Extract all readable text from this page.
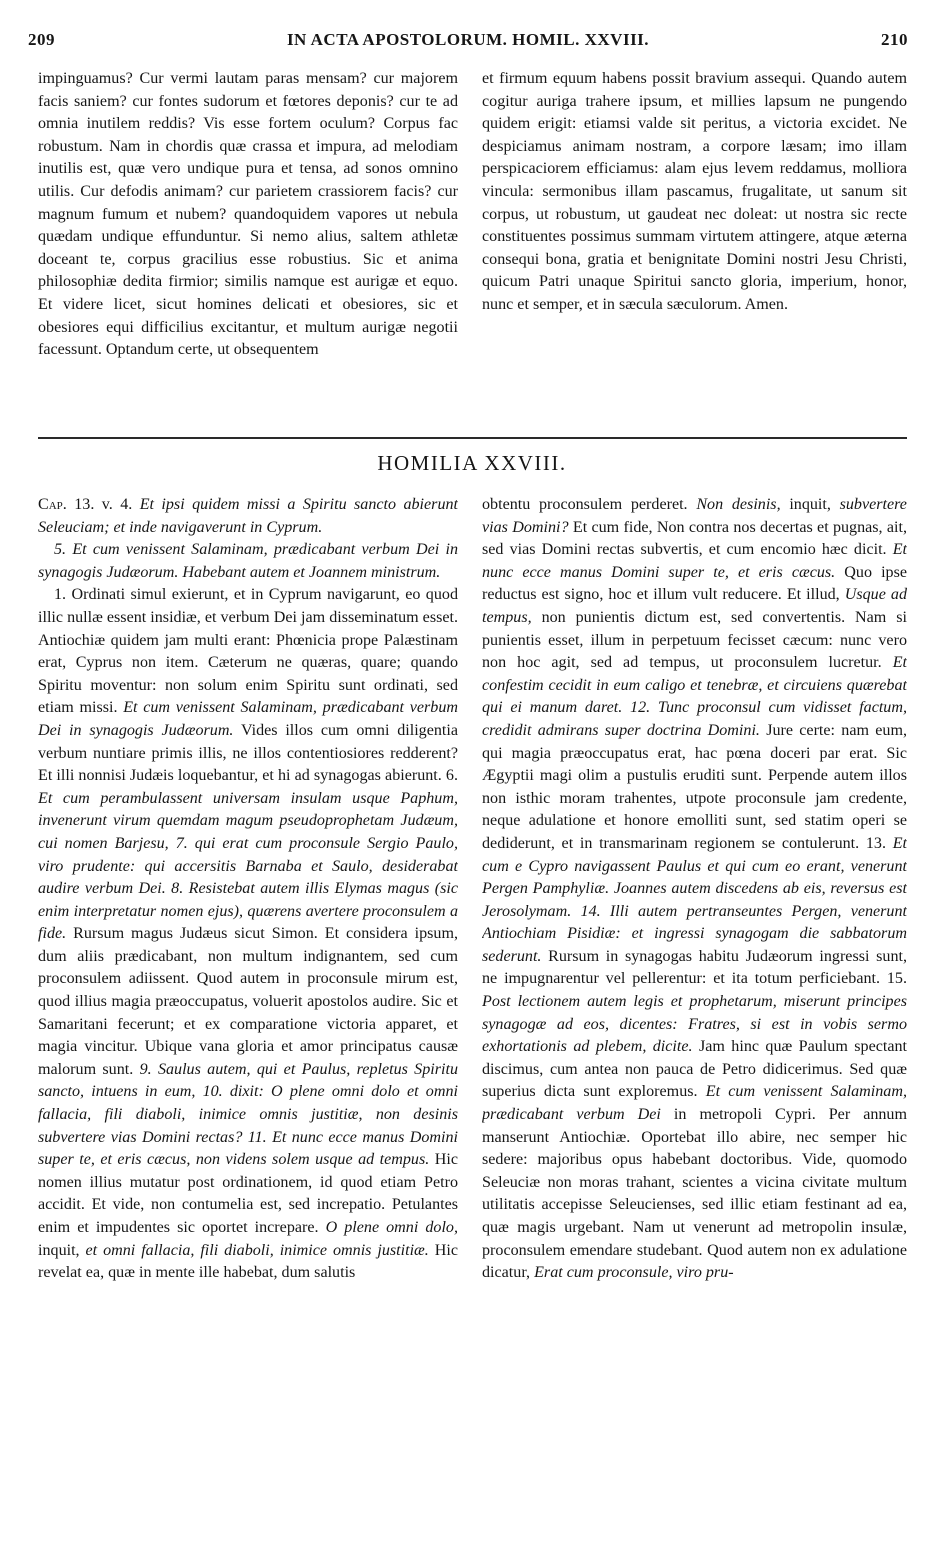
209	IN ACTA APOSTOLORUM. HOMIL. XXVIII.	210

impinguamus? Cur vermi lautam paras mensam? cur majorem facis saniem? cur fontes sudorum et fœtores deponis? cur te ad omnia inutilem reddis? Vis esse fortem oculum? Corpus fac robustum. Nam in chordis quæ crassa et impura, ad melodiam inutilis est, quæ vero undique pura et tensa, ad sonos omnino utilis. Cur defodis animam? cur parietem crassiorem facis? cur magnum fumum et nubem? quandoquidem vapores ut nebula quædam undique effunduntur. Si nemo alius, saltem athletæ doceant te, corpus gracilius esse robustius. Sic et anima philosophiæ dedita firmior; similis namque est aurigæ et equo. Et videre licet, sicut homines delicati et obesiores, sic et obesiores equi difficilius excitantur, et multum aurigæ negotii facessunt. Optandum certe, ut obsequentem

et firmum equum habens possit bravium assequi. Quando autem cogitur auriga trahere ipsum, et millies lapsum ne pungendo quidem erigit: etiamsi valde sit peritus, a victoria excidet. Ne despiciamus animam nostram, a corpore læsam; imo illam perspicaciorem efficiamus: alam ejus levem reddamus, molliora vincula: sermonibus illam pascamus, frugalitate, ut sanum sit corpus, ut robustum, ut gaudeat nec doleat: ut nostra sic recte constituentes possimus summam virtutem attingere, atque æterna consequi bona, gratia et benignitate Domini nostri Jesu Christi, quicum Patri unaque Spiritui sancto gloria, imperium, honor, nunc et semper, et in sæcula sæculorum. Amen.

HOMILIA XXVIII.

Cap. 13. v. 4. Et ipsi quidem missi a Spiritu sancto abierunt Seleuciam; et inde navigaverunt in Cyprum.

5. Et cum venissent Salaminam, prædicabant verbum Dei in synagogis Judæorum. Habebant autem et Joannem ministrum.

1. Ordinati simul exierunt, et in Cyprum navigarunt, eo quod illic nullæ essent insidiæ, et verbum Dei jam disseminatum esset. Antiochiæ quidem jam multi erant: Phœnicia prope Palæstinam erat, Cyprus non item. Cæterum ne quæras, quare; quando Spiritu moventur: non solum enim Spiritu sunt ordinati, sed etiam missi. Et cum venissent Salaminam, prædicabant verbum Dei in synagogis Judæorum. Vides illos cum omni diligentia verbum nuntiare primis illis, ne illos contentiosiores redderent? Et illi nonnisi Judæis loquebantur, et hi ad synagogas abierunt. 6. Et cum perambulassent universam insulam usque Paphum, invenerunt virum quemdam magum pseudoprophetam Judæum, cui nomen Barjesu, 7. qui erat cum proconsule Sergio Paulo, viro prudente: qui accersitis Barnaba et Saulo, desiderabat audire verbum Dei. 8. Resistebat autem illis Elymas magus (sic enim interpretatur nomen ejus), quærens avertere proconsulem a fide. Rursum magus Judæus sicut Simon. Et considera ipsum, dum aliis prædicabant, non multum indignantem, sed cum proconsulem adiissent. Quod autem in proconsule mirum est, quod illius magia præoccupatus, voluerit apostolos audire. Sic et Samaritani fecerunt; et ex comparatione victoria apparet, et magia vincitur. Ubique vana gloria et amor principatus causæ malorum sunt. 9. Saulus autem, qui et Paulus, repletus Spiritu sancto, intuens in eum, 10. dixit: O plene omni dolo et omni fallacia, fili diaboli, inimice omnis justitiæ, non desinis subvertere vias Domini rectas? 11. Et nunc ecce manus Domini super te, et eris cæcus, non videns solem usque ad tempus. Hic nomen illius mutatur post ordinationem, id quod etiam Petro accidit. Et vide, non contumelia est, sed increpatio. Petulantes enim et impudentes sic oportet increpare. O plene omni dolo, inquit, et omni fallacia, fili diaboli, inimice omnis justitiæ. Hic revelat ea, quæ in mente ille habebat, dum salutis

obtentu proconsulem perderet. Non desinis, inquit, subvertere vias Domini? Et cum fide, Non contra nos decertas et pugnas, ait, sed vias Domini rectas subvertis, et cum encomio hæc dicit. Et nunc ecce manus Domini super te, et eris cæcus. Quo ipse reductus est signo, hoc et illum vult reducere. Et illud, Usque ad tempus, non punientis dictum est, sed convertentis. Nam si punientis esset, illum in perpetuum fecisset cæcum: nunc vero non hoc agit, sed ad tempus, ut proconsulem lucretur. Et confestim cecidit in eum caligo et tenebræ, et circuiens quærebat qui ei manum daret. 12. Tunc proconsul cum vidisset factum, credidit admirans super doctrina Domini. Jure certe: nam eum, qui magia præoccupatus erat, hac pœna doceri par erat. Sic Ægyptii magi olim a pustulis eruditi sunt. Perpende autem illos non isthic moram trahentes, utpote proconsule jam credente, neque adulatione et honore emolliti sunt, sed statim operi se dediderunt, et in transmarinam regionem se contulerunt. 13. Et cum e Cypro navigassent Paulus et qui cum eo erant, venerunt Pergen Pamphyliæ. Joannes autem discedens ab eis, reversus est Jerosolymam. 14. Illi autem pertranseuntes Pergen, venerunt Antiochiam Pisidiæ: et ingressi synagogam die sabbatorum sederunt. Rursum in synagogas habitu Judæorum ingressi sunt, ne impugnarentur vel pellerentur: et ita totum perficiebant. 15. Post lectionem autem legis et prophetarum, miserunt principes synagogæ ad eos, dicentes: Fratres, si est in vobis sermo exhortationis ad plebem, dicite. Jam hinc quæ Paulum spectant discimus, cum antea non pauca de Petro didicerimus. Sed quæ superius dicta sunt exploremus. Et cum venissent Salaminam, prædicabant verbum Dei in metropoli Cypri. Per annum manserunt Antiochiæ. Oportebat illo abire, nec semper hic sedere: majoribus opus habebant doctoribus. Vide, quomodo Seleuciæ non moras trahant, scientes a vicina civitate multum utilitatis accepisse Seleucienses, sed illic etiam festinant ad ea, quæ magis urgebant. Nam ut venerunt ad metropolin insulæ, proconsulem emendare studebant. Quod autem non ex adulatione dicatur, Erat cum proconsule, viro pru-
